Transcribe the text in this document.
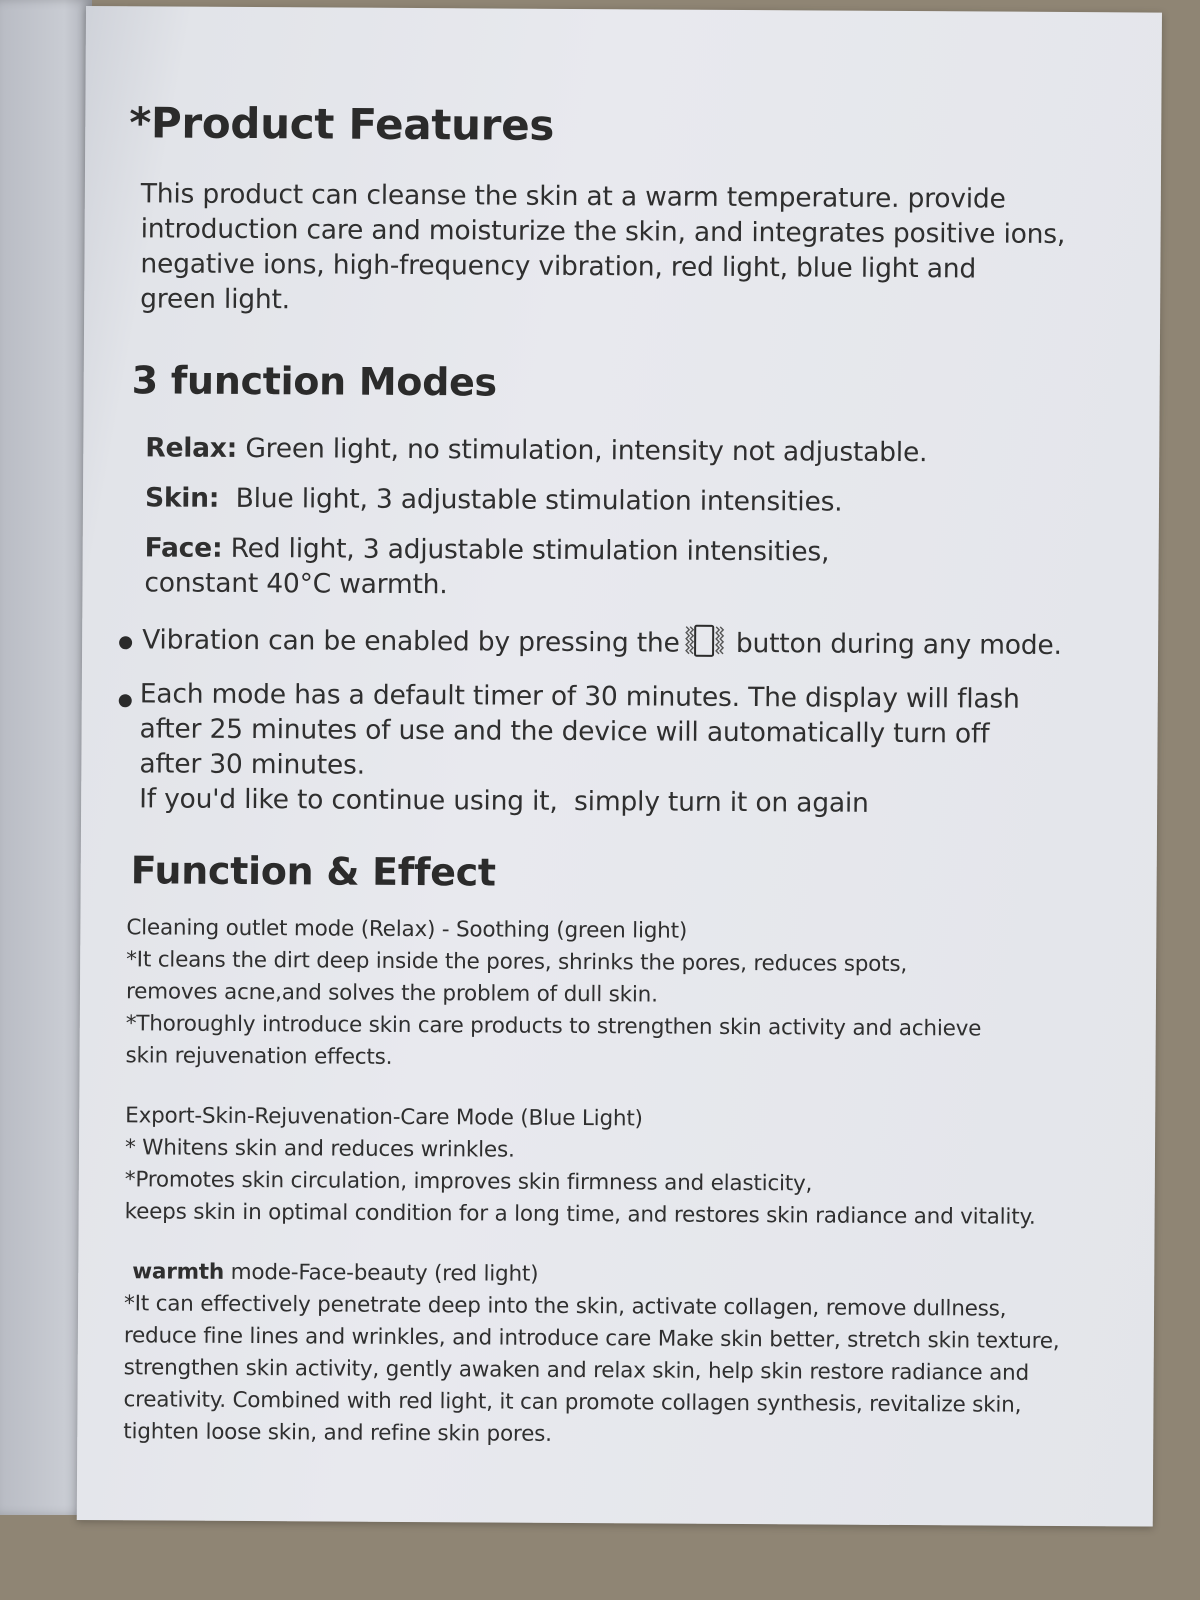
*Product Features
This product can cleanse the skin at a warm temperature. provide
introduction care and moisturize the skin, and integrates positive ions,
negative ions, high-frequency vibration, red light, blue light and
green light.
3 function Modes
Relax: Green light, no stimulation, intensity not adjustable.
Skin:  Blue light, 3 adjustable stimulation intensities.
Face: Red light, 3 adjustable stimulation intensities,
constant 40°C warmth.
Vibration can be enabled by pressing the button during any mode.
Each mode has a default timer of 30 minutes. The display will flash
after 25 minutes of use and the device will automatically turn off
after 30 minutes.
If you'd like to continue using it,  simply turn it on again
Function & Effect
Cleaning outlet mode (Relax) - Soothing (green light)
*It cleans the dirt deep inside the pores, shrinks the pores, reduces spots,
removes acne,and solves the problem of dull skin.
*Thoroughly introduce skin care products to strengthen skin activity and achieve
skin rejuvenation effects.
Export-Skin-Rejuvenation-Care Mode (Blue Light)
* Whitens skin and reduces wrinkles.
*Promotes skin circulation, improves skin firmness and elasticity,
keeps skin in optimal condition for a long time, and restores skin radiance and vitality.
warmth mode-Face-beauty (red light)
*It can effectively penetrate deep into the skin, activate collagen, remove dullness,
reduce fine lines and wrinkles, and introduce care Make skin better, stretch skin texture,
strengthen skin activity, gently awaken and relax skin, help skin restore radiance and
creativity. Combined with red light, it can promote collagen synthesis, revitalize skin,
tighten loose skin, and refine skin pores.
